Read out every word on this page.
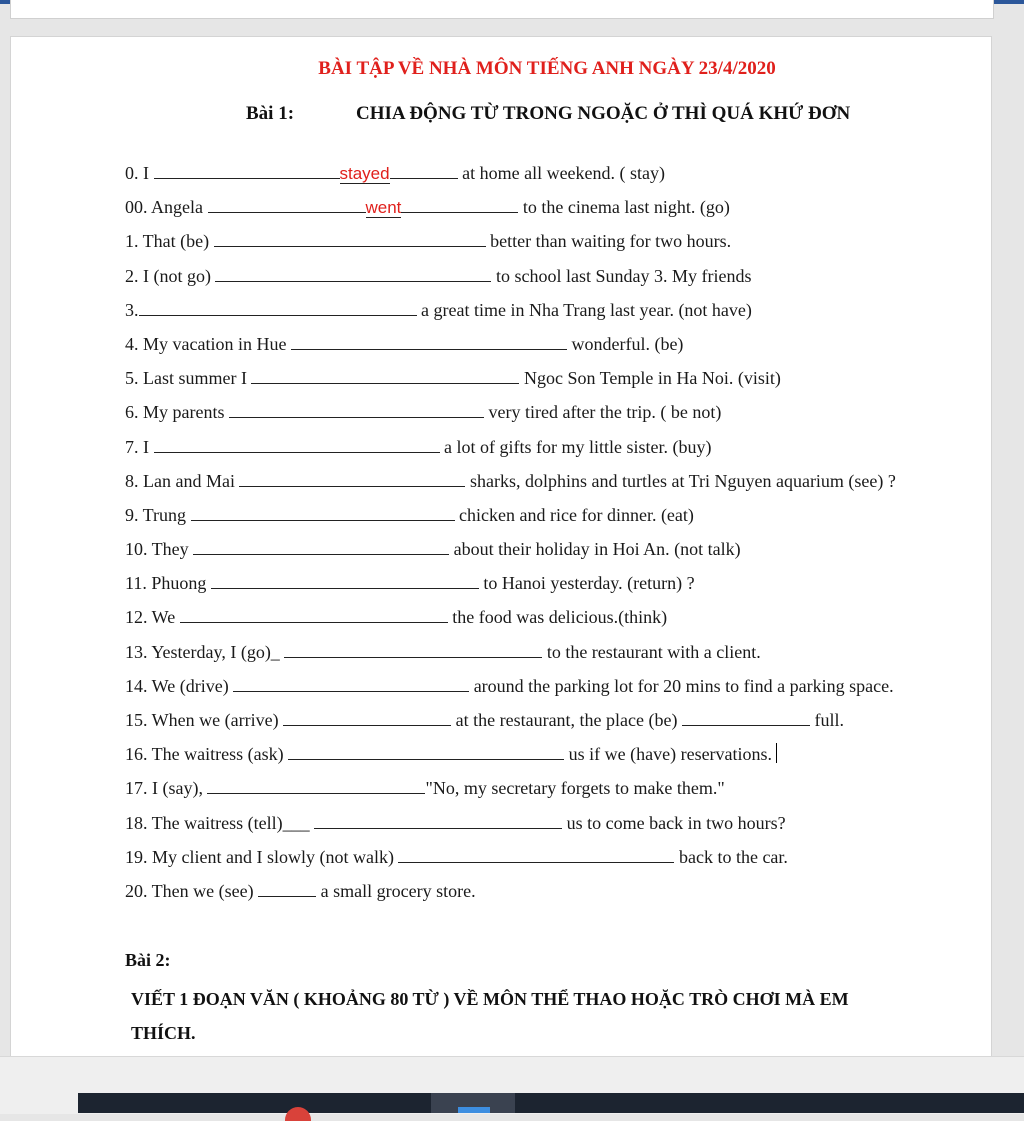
BÀI TẬP VỀ NHÀ MÔN TIẾNG ANH NGÀY 23/4/2020

Bài 1:	CHIA ĐỘNG TỪ TRONG NGOẶC Ở THÌ QUÁ KHỨ ĐƠN

0. I	stayed	at home all weekend. ( stay)
00. Angela	went	to the cinema last night. (go)
1. That (be)	better than waiting for two hours.
2. I (not go)	to school last Sunday 3. My friends
3.	a great time in Nha Trang last year. (not have)
4. My vacation in Hue	wonderful. (be)
5. Last summer I	Ngoc Son Temple in Ha Noi. (visit)
6. My parents	very tired after the trip. ( be not)
7. I	a lot of gifts for my little sister. (buy)
8. Lan and Mai	sharks, dolphins and turtles at Tri Nguyen aquarium (see) ?
9. Trung	chicken and rice for dinner. (eat)
10. They	about their holiday in Hoi An. (not talk)
11. Phuong	to Hanoi yesterday. (return) ?
12. We	the food was delicious.(think)
13. Yesterday, I (go)_	to the restaurant with a client.
14. We (drive)	around the parking lot for 20 mins to find a parking space.
15. When we (arrive)	at the restaurant, the place (be)	full.
16. The waitress (ask)	us if we (have) reservations.
17. I (say),	"No, my secretary forgets to make them."
18. The waitress (tell)___	us to come back in two hours?
19. My client and I slowly (not walk)	back to the car.
20. Then we (see)	a small grocery store.

Bài 2:

VIẾT 1 ĐOẠN VĂN ( KHOẢNG 80 TỪ ) VỀ MÔN THỂ THAO HOẶC TRÒ CHƠI MÀ EM THÍCH.
